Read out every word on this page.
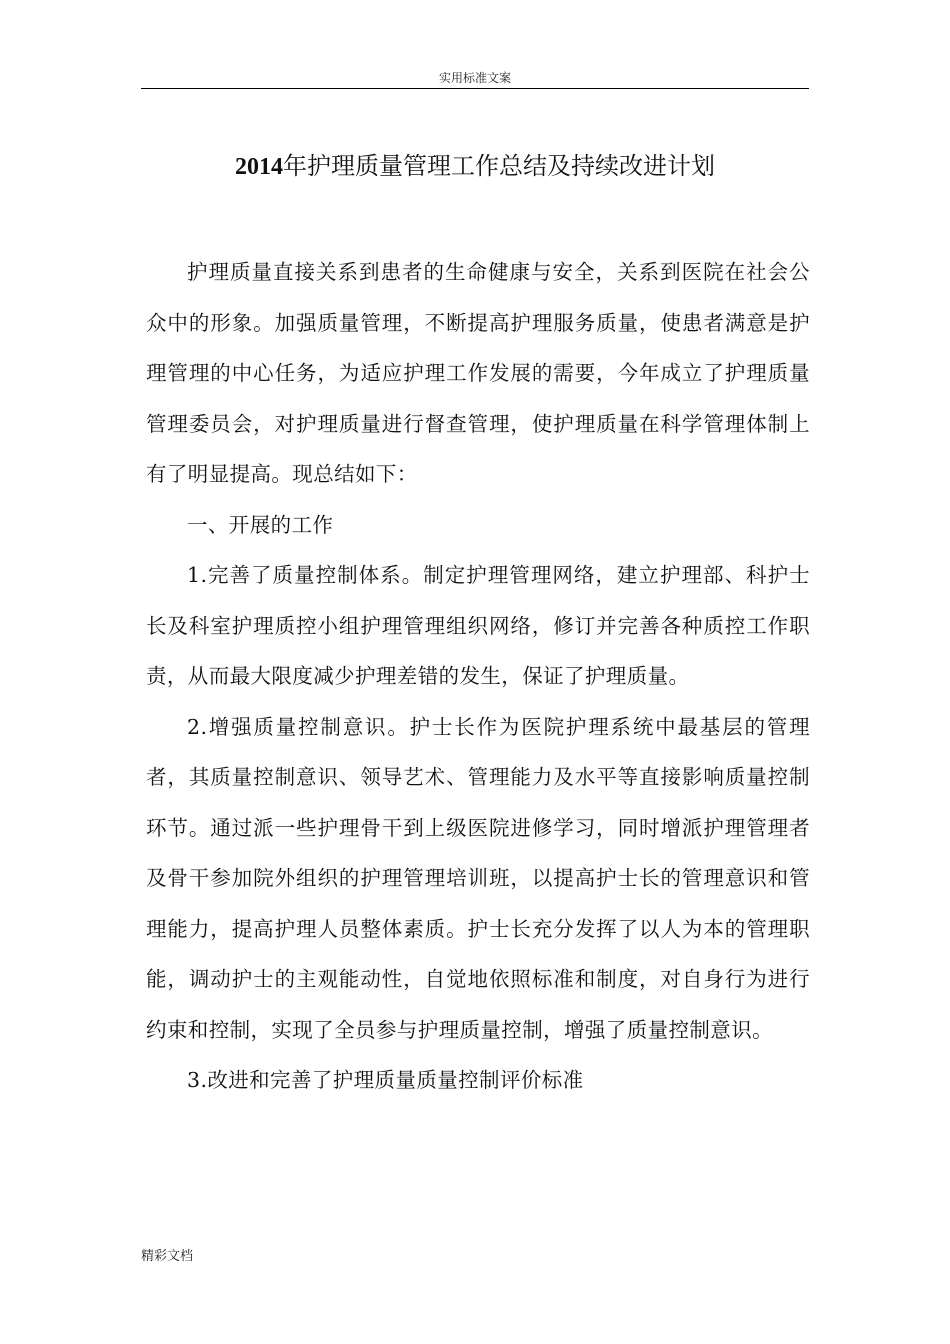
实用标准文案
2014年护理质量管理工作总结及持续改进计划

护理质量直接关系到患者的生命健康与安全，关系到医院在社会公众中的形象。加强质量管理，不断提高护理服务质量，使患者满意是护理管理的中心任务，为适应护理工作发展的需要，今年成立了护理质量管理委员会，对护理质量进行督查管理，使护理质量在科学管理体制上有了明显提高。现总结如下：

一、开展的工作

1.完善了质量控制体系。制定护理管理网络，建立护理部、科护士长及科室护理质控小组护理管理组织网络，修订并完善各种质控工作职责，从而最大限度减少护理差错的发生，保证了护理质量。

2.增强质量控制意识。护士长作为医院护理系统中最基层的管理者，其质量控制意识、领导艺术、管理能力及水平等直接影响质量控制环节。通过派一些护理骨干到上级医院进修学习，同时增派护理管理者及骨干参加院外组织的护理管理培训班，以提高护士长的管理意识和管理能力，提高护理人员整体素质。护士长充分发挥了以人为本的管理职能，调动护士的主观能动性，自觉地依照标准和制度，对自身行为进行约束和控制，实现了全员参与护理质量控制，增强了质量控制意识。

3.改进和完善了护理质量质量控制评价标准

精彩文档
